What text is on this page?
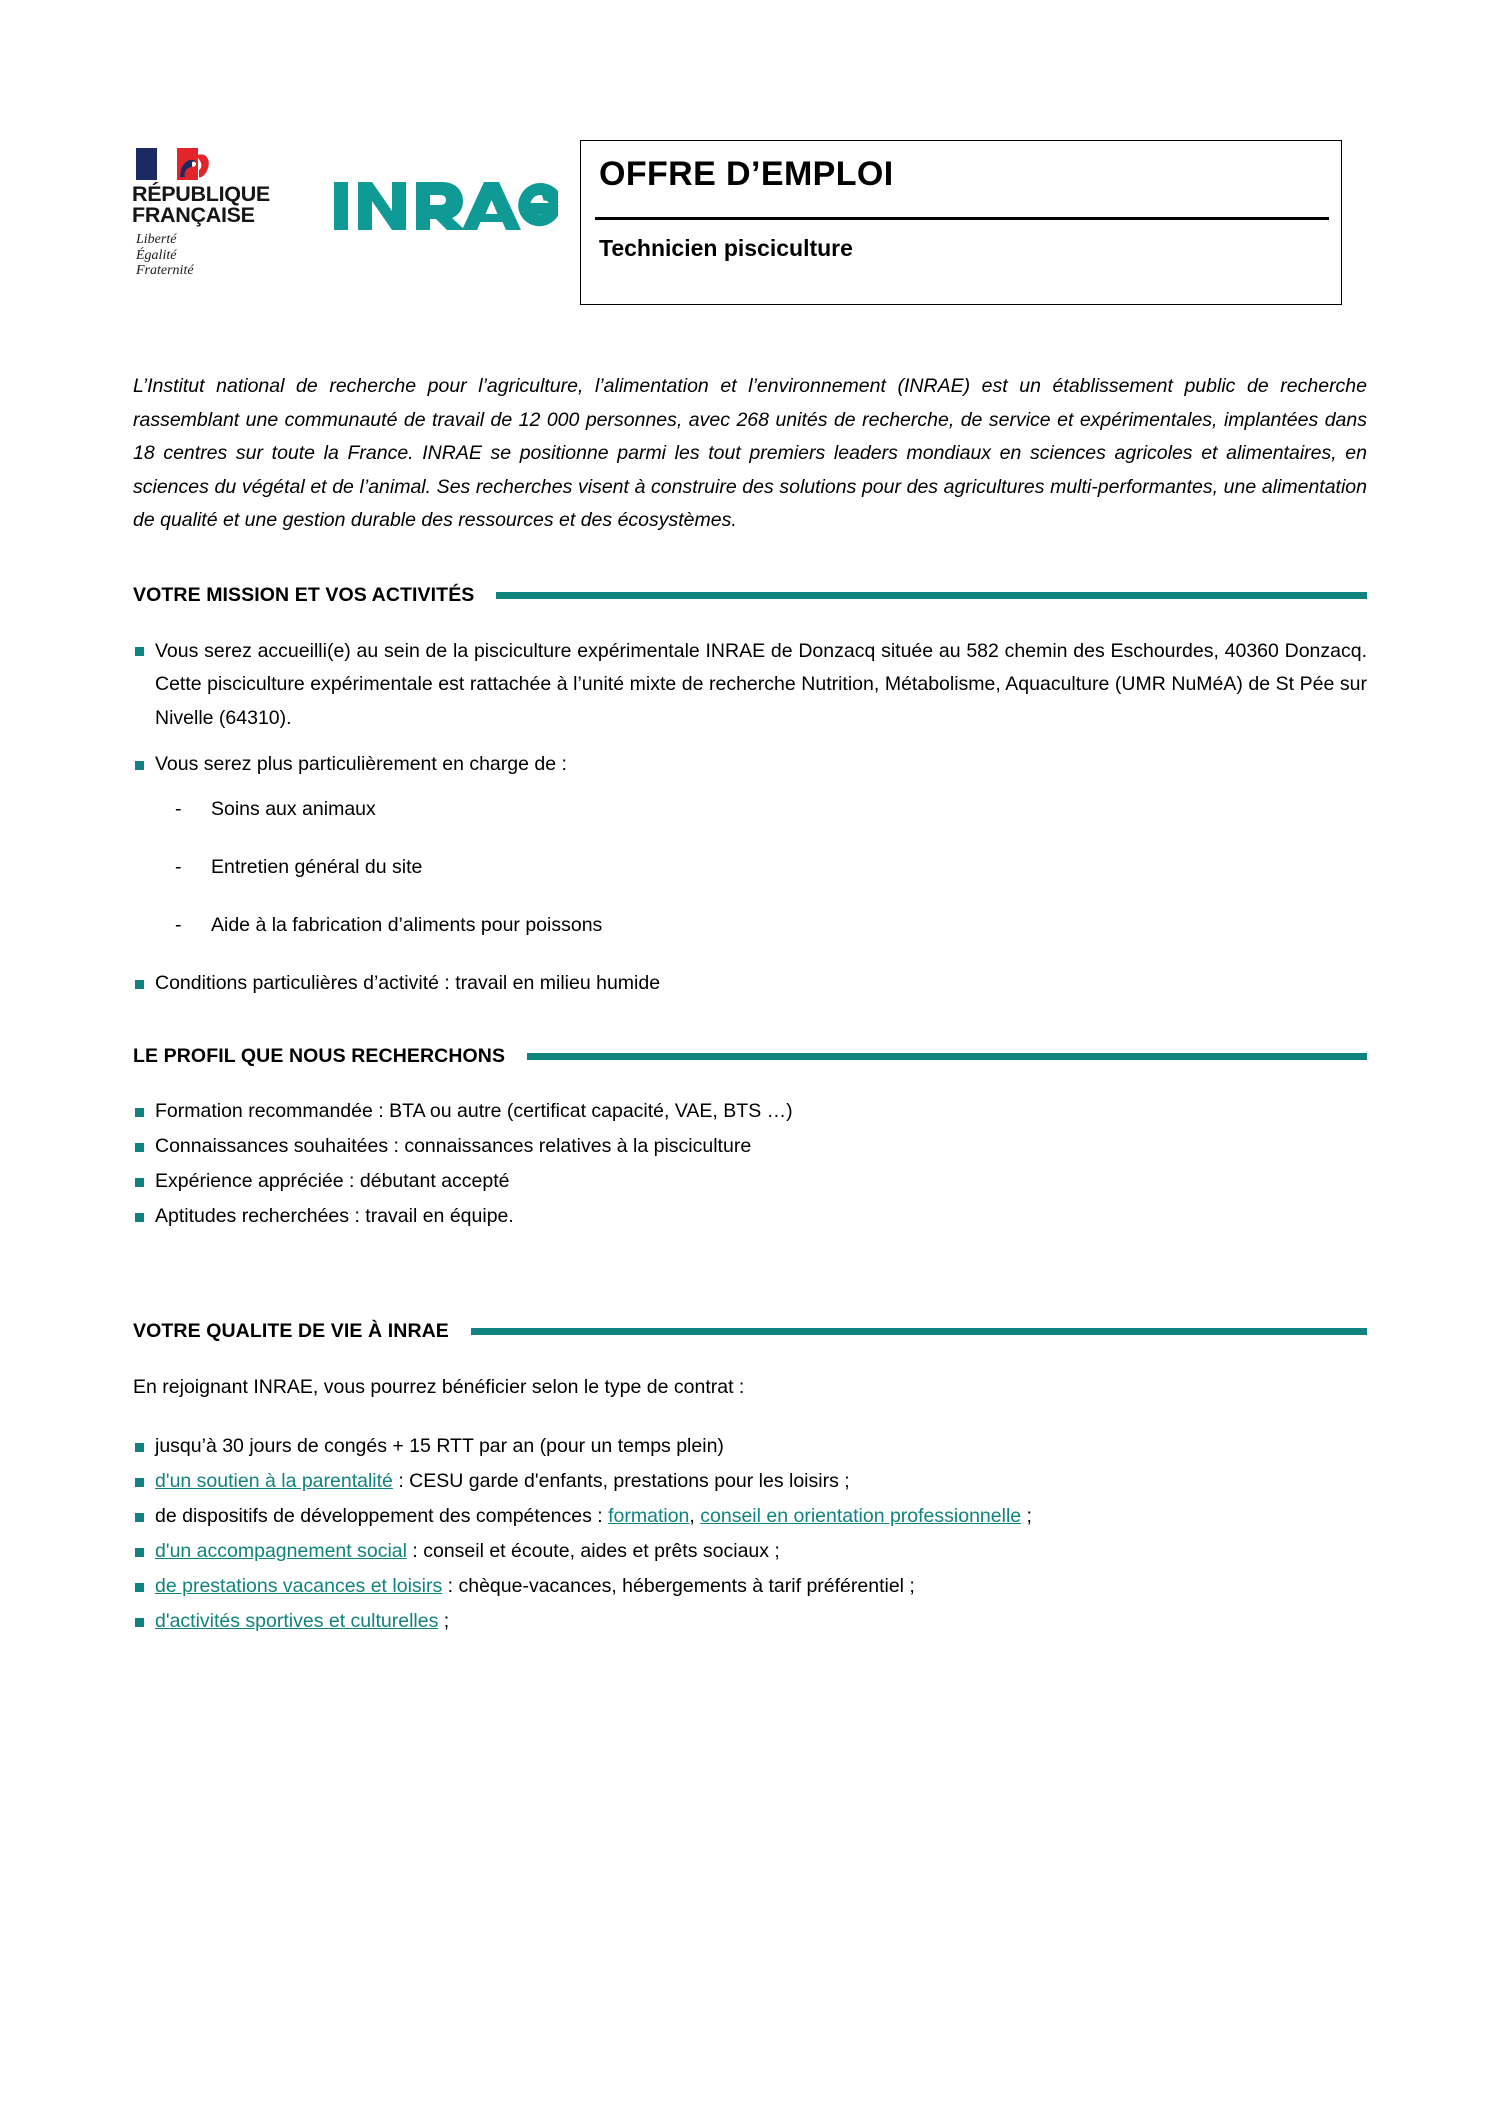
RÉPUBLIQUE
FRANÇAISE
Liberté
Égalité
Fraternité
OFFRE D’EMPLOI
Technicien pisciculture

L’Institut national de recherche pour l’agriculture, l’alimentation et l’environnement (INRAE) est un établissement public de recherche rassemblant une communauté de travail de 12 000 personnes, avec 268 unités de recherche, de service et expérimentales, implantées dans 18 centres sur toute la France. INRAE se positionne parmi les tout premiers leaders mondiaux en sciences agricoles et alimentaires, en sciences du végétal et de l’animal. Ses recherches visent à construire des solutions pour des agricultures multi-performantes, une alimentation de qualité et une gestion durable des ressources et des écosystèmes.

VOTRE MISSION ET VOS ACTIVITÉS
Vous serez accueilli(e) au sein de la pisciculture expérimentale INRAE de Donzacq située au 582 chemin des Eschourdes, 40360 Donzacq. Cette pisciculture expérimentale est rattachée à l’unité mixte de recherche Nutrition, Métabolisme, Aquaculture (UMR NuMéA) de St Pée sur Nivelle (64310).
Vous serez plus particulièrement en charge de :
- Soins aux animaux
- Entretien général du site
- Aide à la fabrication d’aliments pour poissons
Conditions particulières d’activité : travail en milieu humide
LE PROFIL QUE NOUS RECHERCHONS
Formation recommandée : BTA ou autre (certificat capacité, VAE, BTS …)
Connaissances souhaitées : connaissances relatives à la pisciculture
Expérience appréciée : débutant accepté
Aptitudes recherchées : travail en équipe.
VOTRE QUALITE DE VIE À INRAE

En rejoignant INRAE, vous pourrez bénéficier selon le type de contrat :

jusqu’à 30 jours de congés + 15 RTT par an (pour un temps plein)
d'un soutien à la parentalité : CESU garde d'enfants, prestations pour les loisirs ;
de dispositifs de développement des compétences : formation, conseil en orientation professionnelle ;
d'un accompagnement social : conseil et écoute, aides et prêts sociaux ;
de prestations vacances et loisirs : chèque-vacances, hébergements à tarif préférentiel ;
d'activités sportives et culturelles ;
